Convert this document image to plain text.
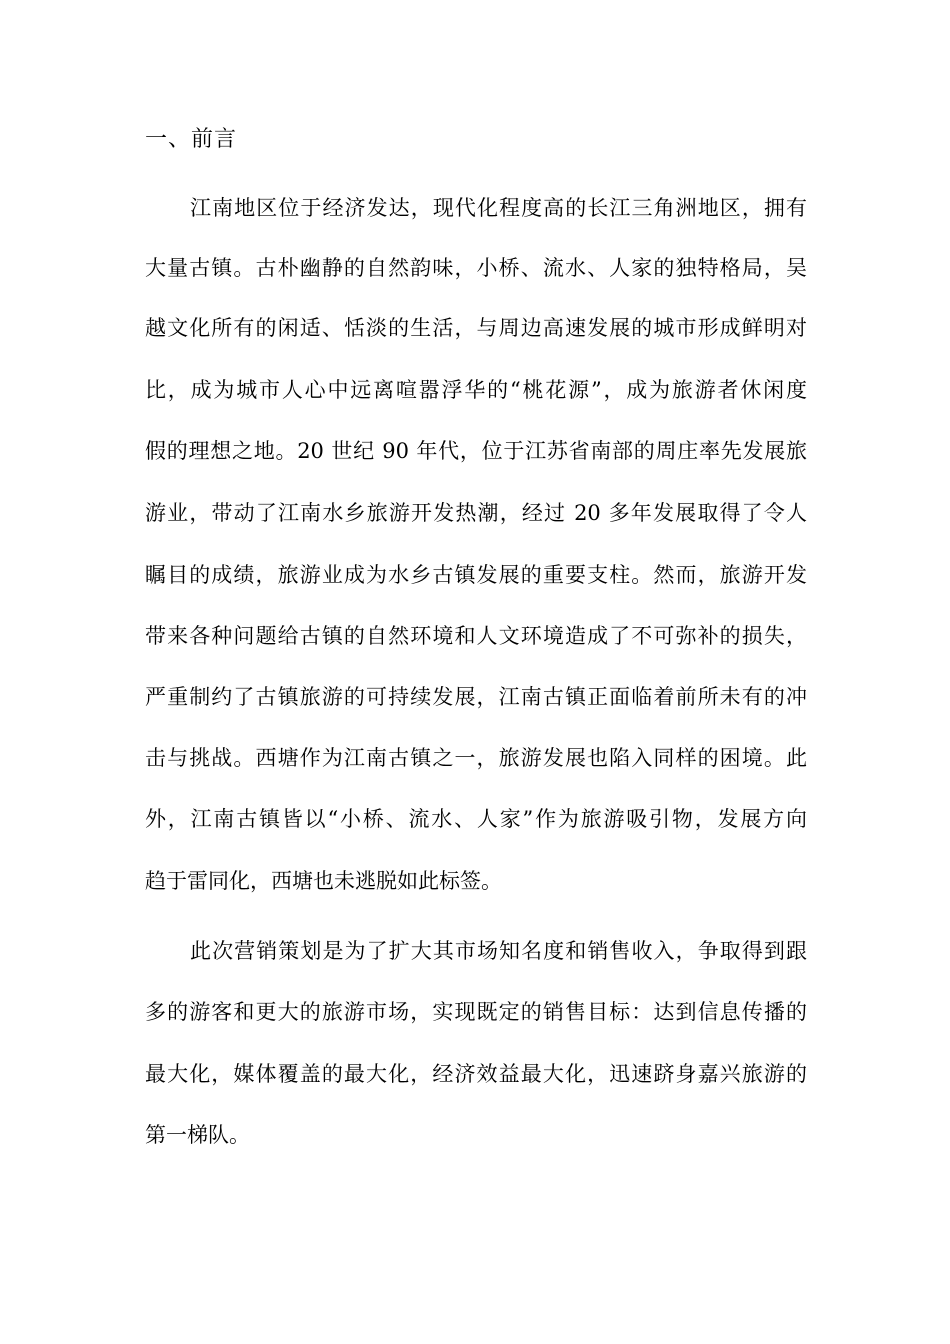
一、前言
江南地区位于经济发达，现代化程度高的长江三角洲地区，拥有
大量古镇。古朴幽静的自然韵味，小桥、流水、人家的独特格局，吴
越文化所有的闲适、恬淡的生活，与周边高速发展的城市形成鲜明对
比，成为城市人心中远离喧嚣浮华的“桃花源”，成为旅游者休闲度
假的理想之地。20 世纪 90 年代，位于江苏省南部的周庄率先发展旅
游业，带动了江南水乡旅游开发热潮，经过 20 多年发展取得了令人
瞩目的成绩，旅游业成为水乡古镇发展的重要支柱。然而，旅游开发
带来各种问题给古镇的自然环境和人文环境造成了不可弥补的损失，
严重制约了古镇旅游的可持续发展，江南古镇正面临着前所未有的冲
击与挑战。西塘作为江南古镇之一，旅游发展也陷入同样的困境。此
外，江南古镇皆以“小桥、流水、人家”作为旅游吸引物，发展方向
趋于雷同化，西塘也未逃脱如此标签。
此次营销策划是为了扩大其市场知名度和销售收入，争取得到跟
多的游客和更大的旅游市场，实现既定的销售目标：达到信息传播的
最大化，媒体覆盖的最大化，经济效益最大化，迅速跻身嘉兴旅游的
第一梯队。
